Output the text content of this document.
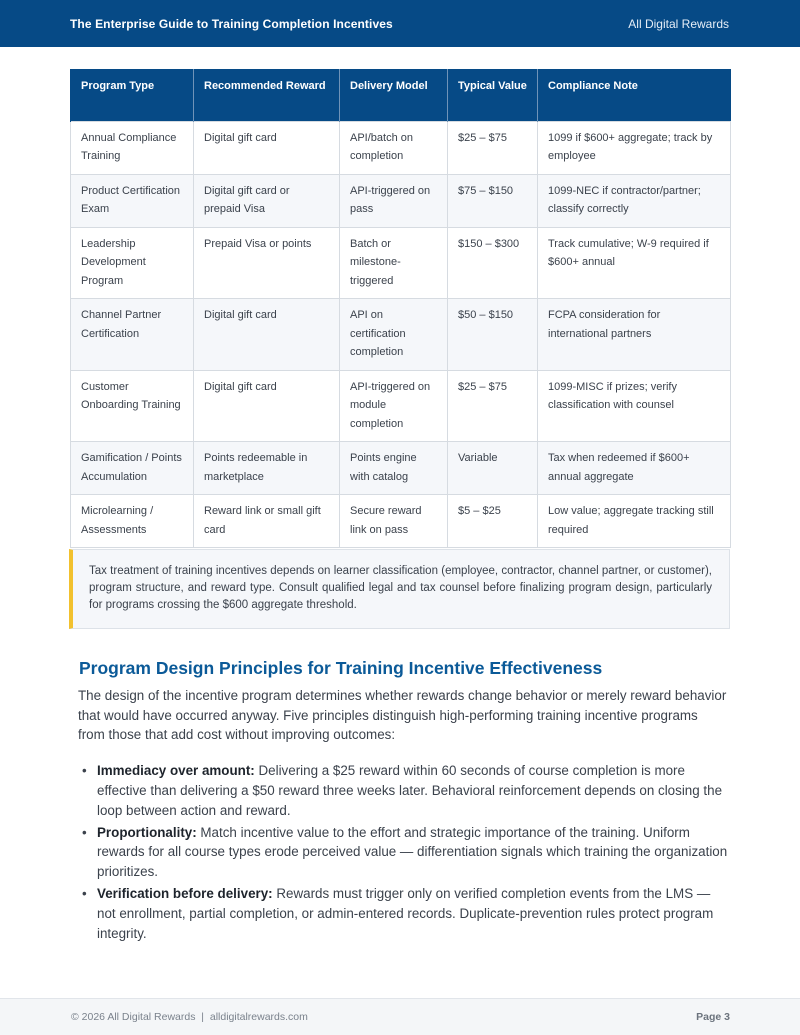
The Enterprise Guide to Training Completion Incentives	All Digital Rewards
Program Type	Recommended Reward	Delivery Model	Typical Value	Compliance Note
Annual Compliance Training	Digital gift card	API/batch on completion	$25 – $75	1099 if $600+ aggregate; track by employee
Product Certification Exam	Digital gift card or prepaid Visa	API-triggered on pass	$75 – $150	1099-NEC if contractor/partner; classify correctly
Leadership Development Program	Prepaid Visa or points	Batch or milestone-triggered	$150 – $300	Track cumulative; W-9 required if $600+ annual
Channel Partner Certification	Digital gift card	API on certification completion	$50 – $150	FCPA consideration for international partners
Customer Onboarding Training	Digital gift card	API-triggered on module completion	$25 – $75	1099-MISC if prizes; verify classification with counsel
Gamification / Points Accumulation	Points redeemable in marketplace	Points engine with catalog	Variable	Tax when redeemed if $600+ annual aggregate
Microlearning / Assessments	Reward link or small gift card	Secure reward link on pass	$5 – $25	Low value; aggregate tracking still required
Tax treatment of training incentives depends on learner classification (employee, contractor, channel partner, or customer), program structure, and reward type. Consult qualified legal and tax counsel before finalizing program design, particularly for programs crossing the $600 aggregate threshold.
Program Design Principles for Training Incentive Effectiveness

The design of the incentive program determines whether rewards change behavior or merely reward behavior that would have occurred anyway. Five principles distinguish high-performing training incentive programs from those that add cost without improving outcomes:

• Immediacy over amount: Delivering a $25 reward within 60 seconds of course completion is more effective than delivering a $50 reward three weeks later. Behavioral reinforcement depends on closing the loop between action and reward.
• Proportionality: Match incentive value to the effort and strategic importance of the training. Uniform rewards for all course types erode perceived value — differentiation signals which training the organization prioritizes.
• Verification before delivery: Rewards must trigger only on verified completion events from the LMS — not enrollment, partial completion, or admin-entered records. Duplicate-prevention rules protect program integrity.
© 2026 All Digital Rewards  |  alldigitalrewards.com	Page 3
